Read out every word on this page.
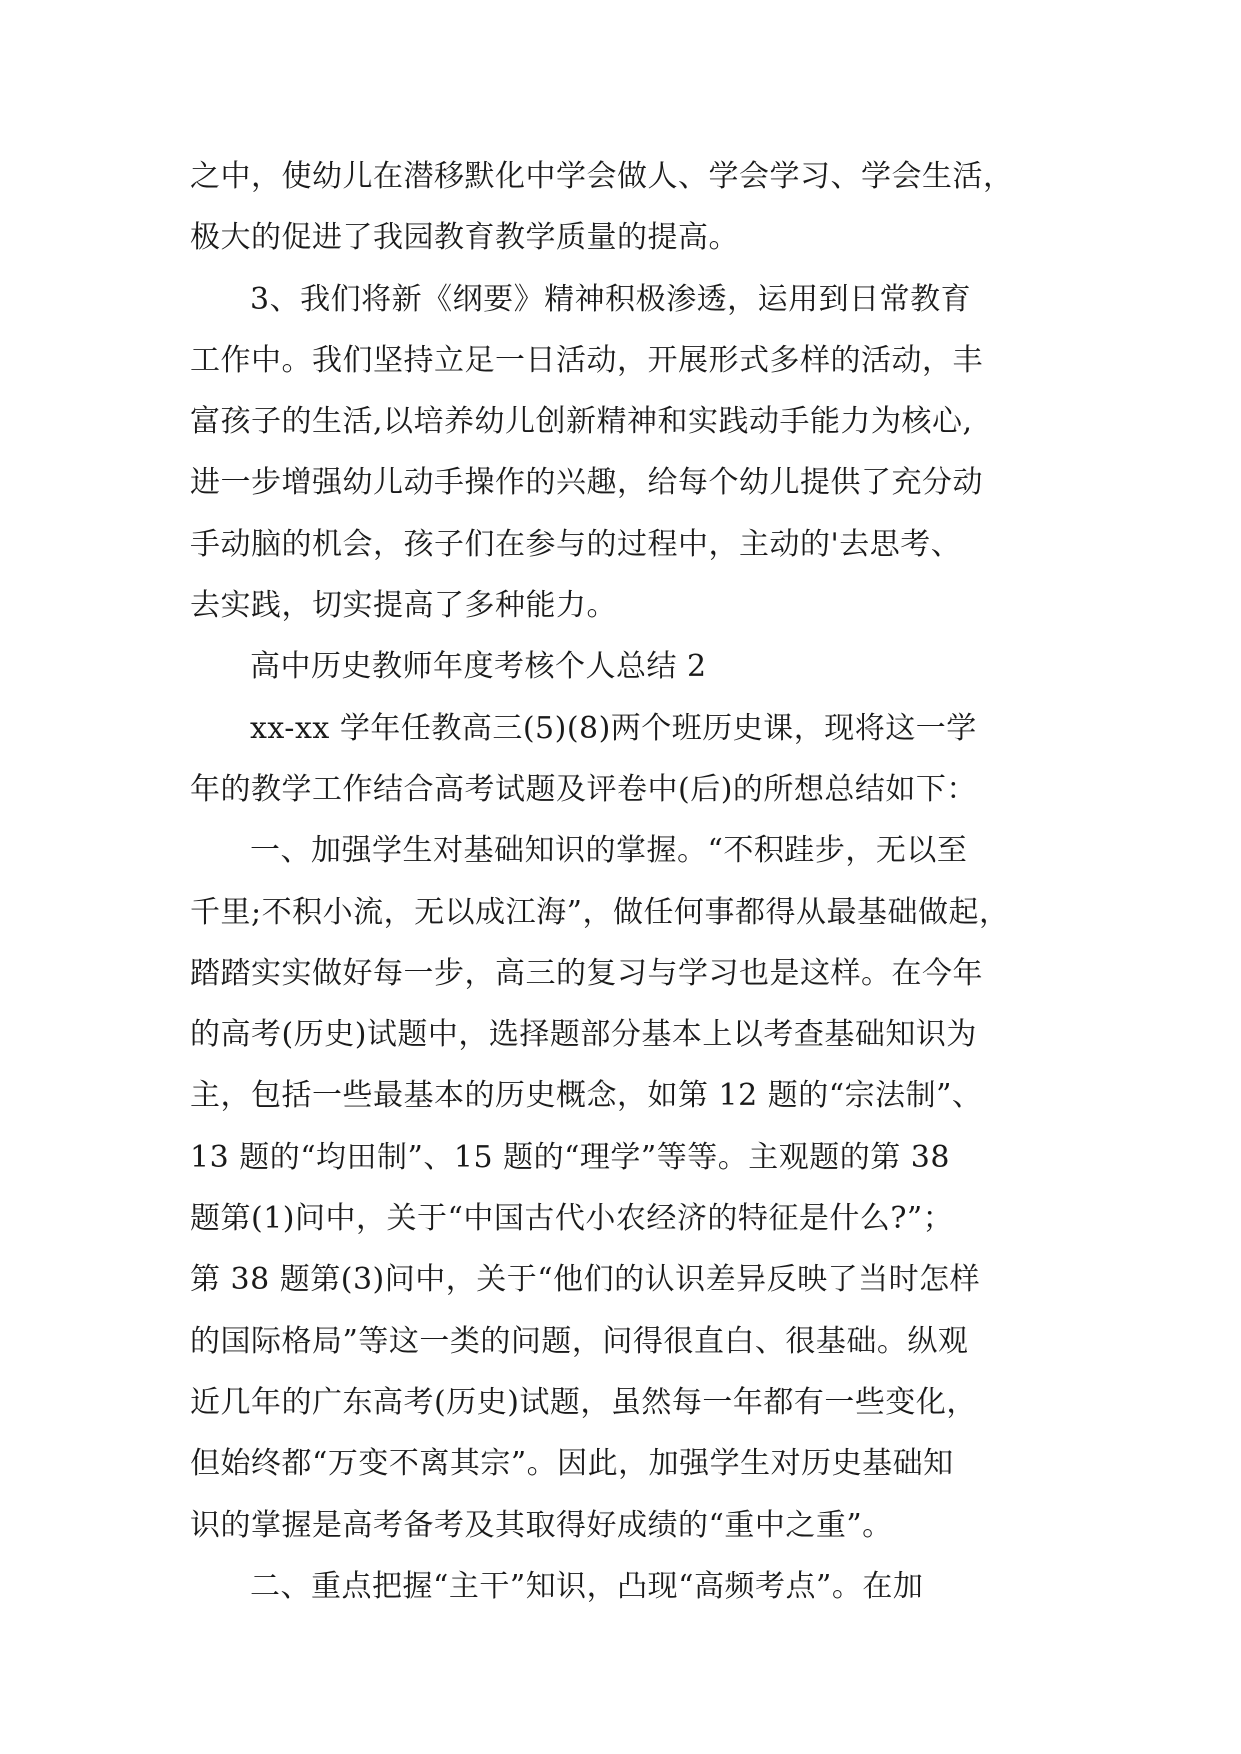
之中，使幼儿在潜移默化中学会做人、学会学习、学会生活，
极大的促进了我园教育教学质量的提高。
3、我们将新《纲要》精神积极渗透，运用到日常教育
工作中。我们坚持立足一日活动，开展形式多样的活动，丰
富孩子的生活,以培养幼儿创新精神和实践动手能力为核心,
进一步增强幼儿动手操作的兴趣，给每个幼儿提供了充分动
手动脑的机会，孩子们在参与的过程中，主动的'去思考、
去实践，切实提高了多种能力。
高中历史教师年度考核个人总结 2
xx-xx 学年任教高三(5)(8)两个班历史课，现将这一学
年的教学工作结合高考试题及评卷中(后)的所想总结如下：
一、加强学生对基础知识的掌握。“不积跬步，无以至
千里;不积小流，无以成江海”，做任何事都得从最基础做起，
踏踏实实做好每一步，高三的复习与学习也是这样。在今年
的高考(历史)试题中，选择题部分基本上以考查基础知识为
主，包括一些最基本的历史概念，如第 12 题的“宗法制”、
13 题的“均田制”、15 题的“理学”等等。主观题的第 38
题第(1)问中，关于“中国古代小农经济的特征是什么?”；
第 38 题第(3)问中，关于“他们的认识差异反映了当时怎样
的国际格局”等这一类的问题，问得很直白、很基础。纵观
近几年的广东高考(历史)试题，虽然每一年都有一些变化，
但始终都“万变不离其宗”。因此，加强学生对历史基础知
识的掌握是高考备考及其取得好成绩的“重中之重”。
二、重点把握“主干”知识，凸现“高频考点”。在加
